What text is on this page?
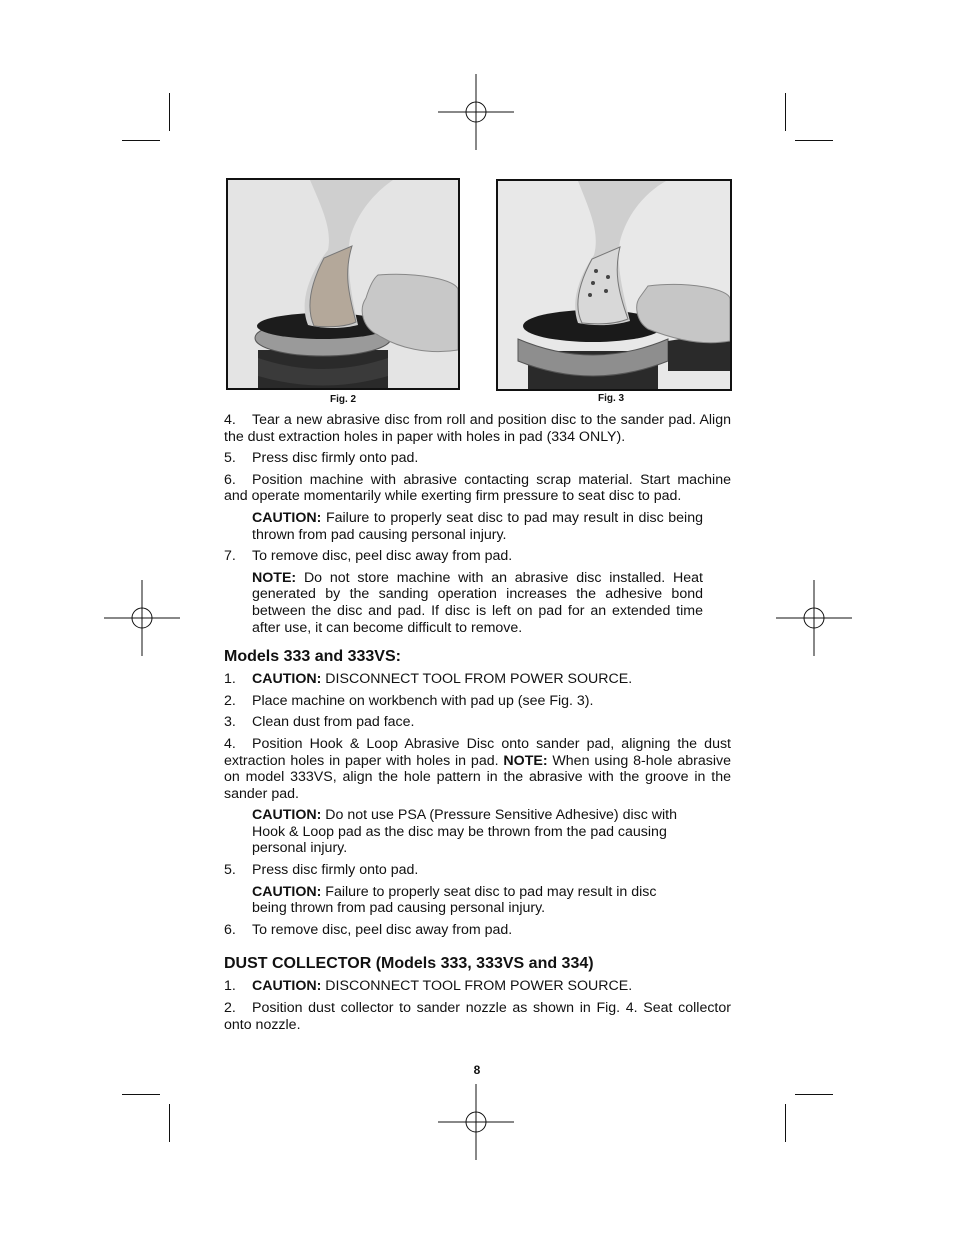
Fig. 2	Fig. 3

4. Tear a new abrasive disc from roll and position disc to the sander pad. Align the dust extraction holes in paper with holes in pad (334 ONLY).

5. Press disc firmly onto pad.

6. Position machine with abrasive contacting scrap material. Start machine and operate momentarily while exerting firm pressure to seat disc to pad.

CAUTION: Failure to properly seat disc to pad may result in disc being thrown from pad causing personal injury.

7. To remove disc, peel disc away from pad.

NOTE: Do not store machine with an abrasive disc installed. Heat generated by the sanding operation increases the adhesive bond between the disc and pad. If disc is left on pad for an extended time after use, it can become difficult to remove.

Models 333 and 333VS:

1. CAUTION: DISCONNECT TOOL FROM POWER SOURCE.

2. Place machine on workbench with pad up (see Fig. 3).

3. Clean dust from pad face.

4. Position Hook & Loop Abrasive Disc onto sander pad, aligning the dust extraction holes in paper with holes in pad. NOTE: When using 8-hole abrasive on model 333VS, align the hole pattern in the abrasive with the groove in the sander pad.

CAUTION: Do not use PSA (Pressure Sensitive Adhesive) disc with Hook & Loop pad as the disc may be thrown from the pad causing personal injury.

5. Press disc firmly onto pad.

CAUTION: Failure to properly seat disc to pad may result in disc being thrown from pad causing personal injury.

6. To remove disc, peel disc away from pad.

DUST COLLECTOR (Models 333, 333VS and 334)

1. CAUTION: DISCONNECT TOOL FROM POWER SOURCE.

2. Position dust collector to sander nozzle as shown in Fig. 4. Seat collector onto nozzle.

8
